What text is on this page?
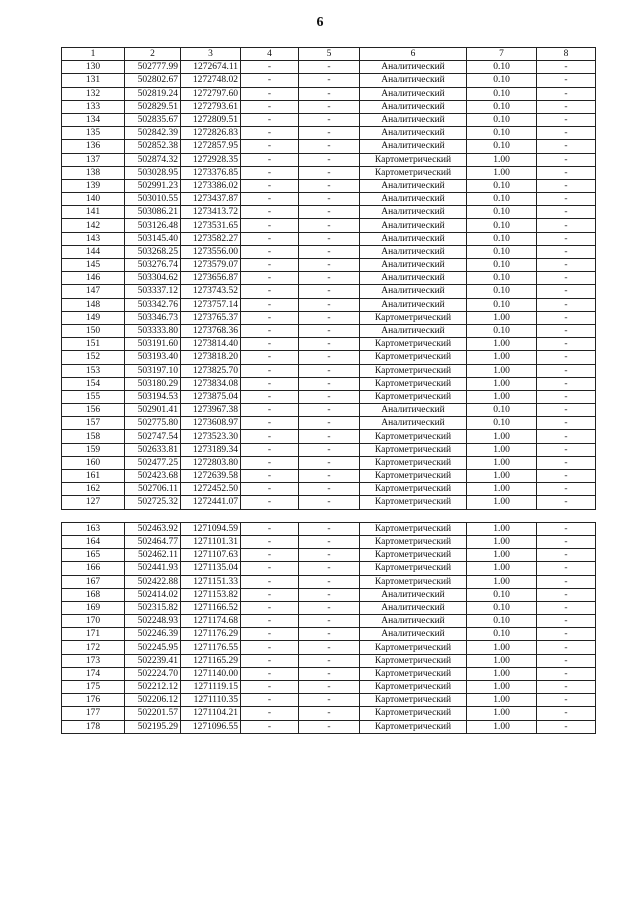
6
1	2	3	4	5	6	7	8
130	502777.99	1272674.11	-	-	Аналитический	0.10	-
131	502802.67	1272748.02	-	-	Аналитический	0.10	-
132	502819.24	1272797.60	-	-	Аналитический	0.10	-
133	502829.51	1272793.61	-	-	Аналитический	0.10	-
134	502835.67	1272809.51	-	-	Аналитический	0.10	-
135	502842.39	1272826.83	-	-	Аналитический	0.10	-
136	502852.38	1272857.95	-	-	Аналитический	0.10	-
137	502874.32	1272928.35	-	-	Картометрический	1.00	-
138	503028.95	1273376.85	-	-	Картометрический	1.00	-
139	502991.23	1273386.02	-	-	Аналитический	0.10	-
140	503010.55	1273437.87	-	-	Аналитический	0.10	-
141	503086.21	1273413.72	-	-	Аналитический	0.10	-
142	503126.48	1273531.65	-	-	Аналитический	0.10	-
143	503145.40	1273582.27	-	-	Аналитический	0.10	-
144	503268.25	1273556.00	-	-	Аналитический	0.10	-
145	503276.74	1273579.07	-	-	Аналитический	0.10	-
146	503304.62	1273656.87	-	-	Аналитический	0.10	-
147	503337.12	1273743.52	-	-	Аналитический	0.10	-
148	503342.76	1273757.14	-	-	Аналитический	0.10	-
149	503346.73	1273765.37	-	-	Картометрический	1.00	-
150	503333.80	1273768.36	-	-	Аналитический	0.10	-
151	503191.60	1273814.40	-	-	Картометрический	1.00	-
152	503193.40	1273818.20	-	-	Картометрический	1.00	-
153	503197.10	1273825.70	-	-	Картометрический	1.00	-
154	503180.29	1273834.08	-	-	Картометрический	1.00	-
155	503194.53	1273875.04	-	-	Картометрический	1.00	-
156	502901.41	1273967.38	-	-	Аналитический	0.10	-
157	502775.80	1273608.97	-	-	Аналитический	0.10	-
158	502747.54	1273523.30	-	-	Картометрический	1.00	-
159	502633.81	1273189.34	-	-	Картометрический	1.00	-
160	502477.25	1272803.80	-	-	Картометрический	1.00	-
161	502423.68	1272639.58	-	-	Картометрический	1.00	-
162	502706.11	1272452.50	-	-	Картометрический	1.00	-
127	502725.32	1272441.07	-	-	Картометрический	1.00	-

163	502463.92	1271094.59	-	-	Картометрический	1.00	-
164	502464.77	1271101.31	-	-	Картометрический	1.00	-
165	502462.11	1271107.63	-	-	Картометрический	1.00	-
166	502441.93	1271135.04	-	-	Картометрический	1.00	-
167	502422.88	1271151.33	-	-	Картометрический	1.00	-
168	502414.02	1271153.82	-	-	Аналитический	0.10	-
169	502315.82	1271166.52	-	-	Аналитический	0.10	-
170	502248.93	1271174.68	-	-	Аналитический	0.10	-
171	502246.39	1271176.29	-	-	Аналитический	0.10	-
172	502245.95	1271176.55	-	-	Картометрический	1.00	-
173	502239.41	1271165.29	-	-	Картометрический	1.00	-
174	502224.70	1271140.00	-	-	Картометрический	1.00	-
175	502212.12	1271119.15	-	-	Картометрический	1.00	-
176	502206.12	1271110.35	-	-	Картометрический	1.00	-
177	502201.57	1271104.21	-	-	Картометрический	1.00	-
178	502195.29	1271096.55	-	-	Картометрический	1.00	-
